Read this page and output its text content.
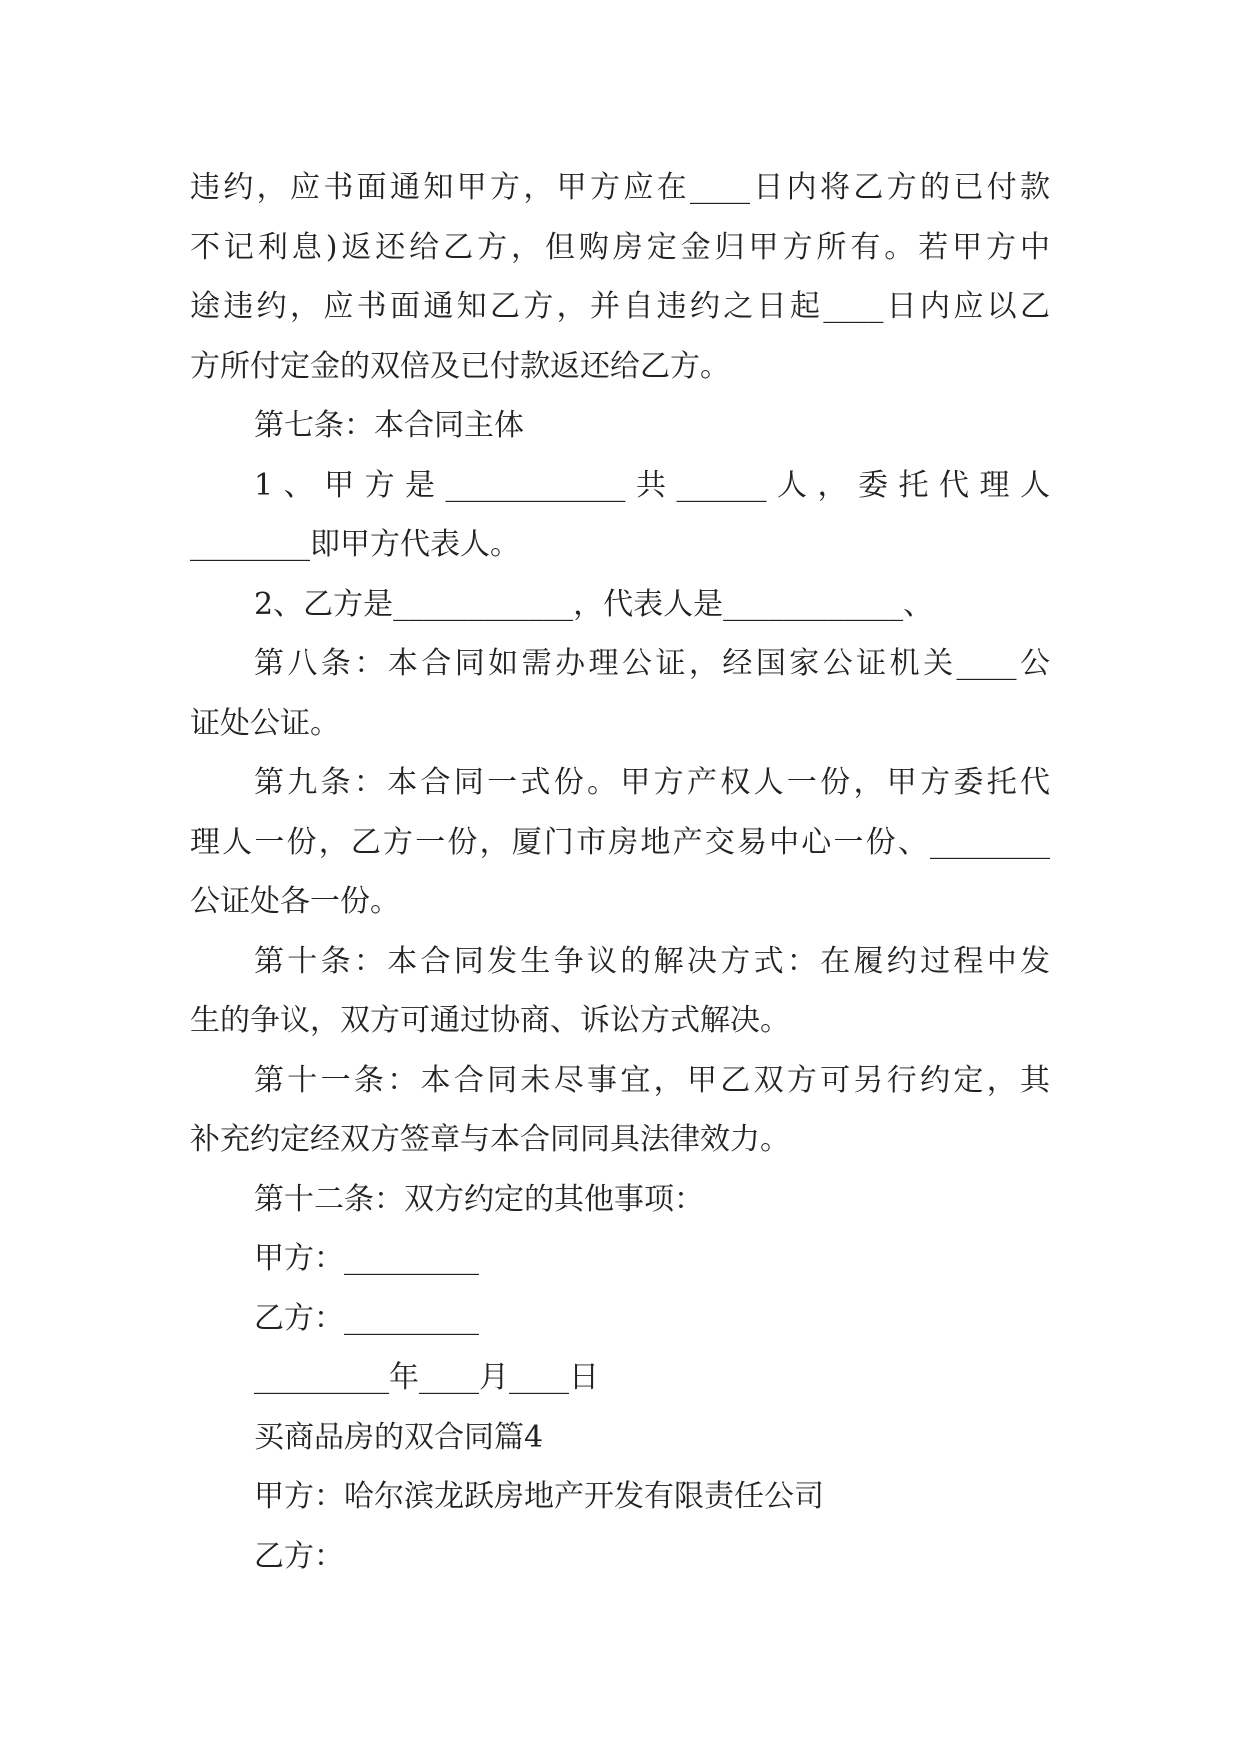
违约，应书面通知甲方，甲方应在____日内将乙方的已付款
不记利息)返还给乙方，但购房定金归甲方所有。若甲方中
途违约，应书面通知乙方，并自违约之日起____日内应以乙
方所付定金的双倍及已付款返还给乙方。
第七条：本合同主体
1、甲方是____________共______人，委托代理人
________即甲方代表人。
2、乙方是____________，代表人是____________、
第八条：本合同如需办理公证，经国家公证机关____公
证处公证。
第九条：本合同一式份。甲方产权人一份，甲方委托代
理人一份，乙方一份，厦门市房地产交易中心一份、________
公证处各一份。
第十条：本合同发生争议的解决方式：在履约过程中发
生的争议，双方可通过协商、诉讼方式解决。
第十一条：本合同未尽事宜，甲乙双方可另行约定，其
补充约定经双方签章与本合同同具法律效力。
第十二条：双方约定的其他事项：
甲方：_________
乙方：_________
_________年____月____日
买商品房的双合同篇4
甲方：哈尔滨龙跃房地产开发有限责任公司
乙方：
